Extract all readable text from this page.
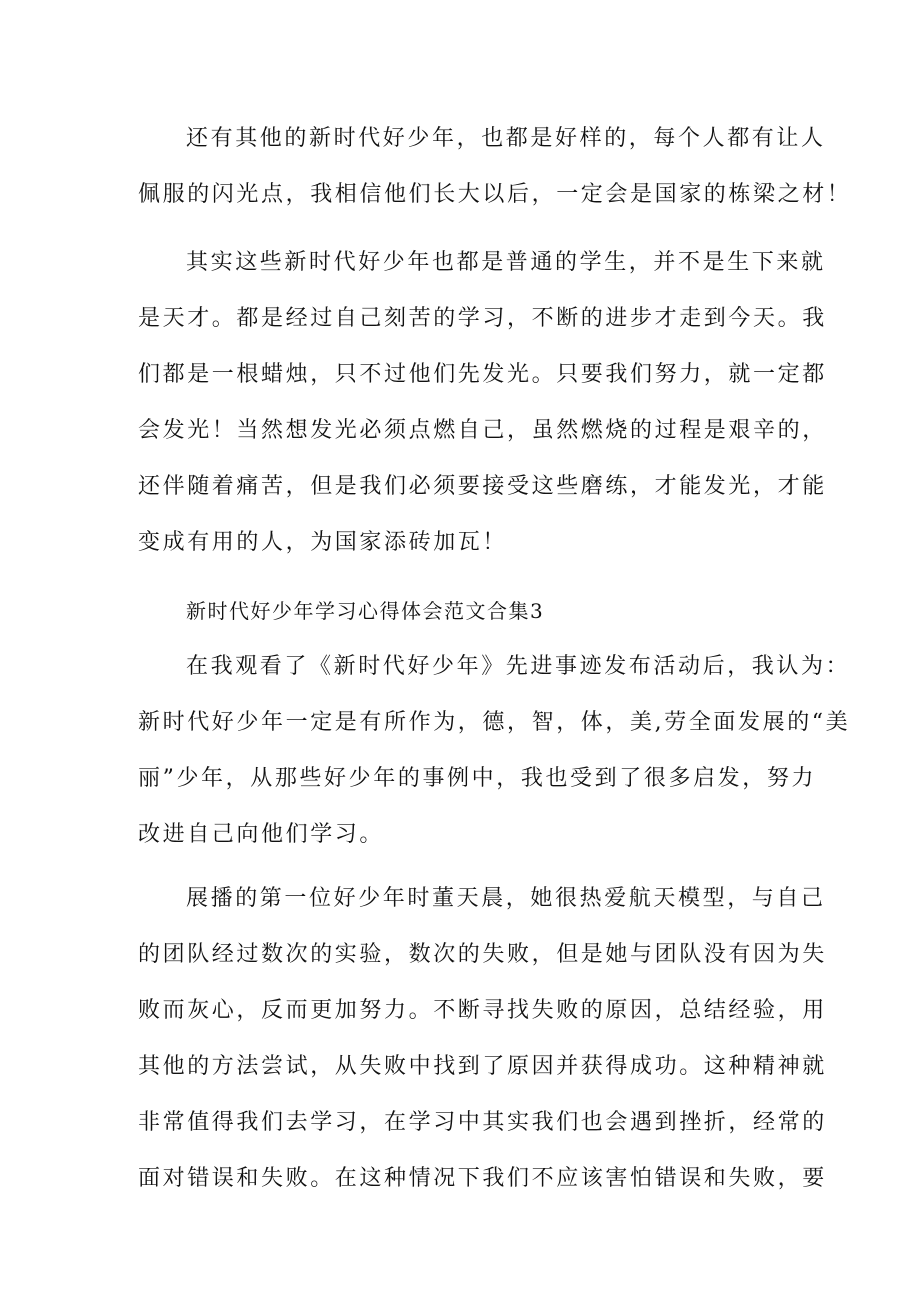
还有其他的新时代好少年，也都是好样的，每个人都有让人
佩服的闪光点，我相信他们长大以后，一定会是国家的栋梁之材！
其实这些新时代好少年也都是普通的学生，并不是生下来就
是天才。都是经过自己刻苦的学习，不断的进步才走到今天。我
们都是一根蜡烛，只不过他们先发光。只要我们努力，就一定都
会发光！当然想发光必须点燃自己，虽然燃烧的过程是艰辛的，
还伴随着痛苦，但是我们必须要接受这些磨练，才能发光，才能
变成有用的人，为国家添砖加瓦！
新时代好少年学习心得体会范文合集3
在我观看了《新时代好少年》先进事迹发布活动后，我认为：
新时代好少年一定是有所作为，德，智，体，美,劳全面发展的“美
丽”少年，从那些好少年的事例中，我也受到了很多启发，努力
改进自己向他们学习。
展播的第一位好少年时董天晨，她很热爱航天模型，与自己
的团队经过数次的实验，数次的失败，但是她与团队没有因为失
败而灰心，反而更加努力。不断寻找失败的原因，总结经验，用
其他的方法尝试，从失败中找到了原因并获得成功。这种精神就
非常值得我们去学习，在学习中其实我们也会遇到挫折，经常的
面对错误和失败。在这种情况下我们不应该害怕错误和失败，要
